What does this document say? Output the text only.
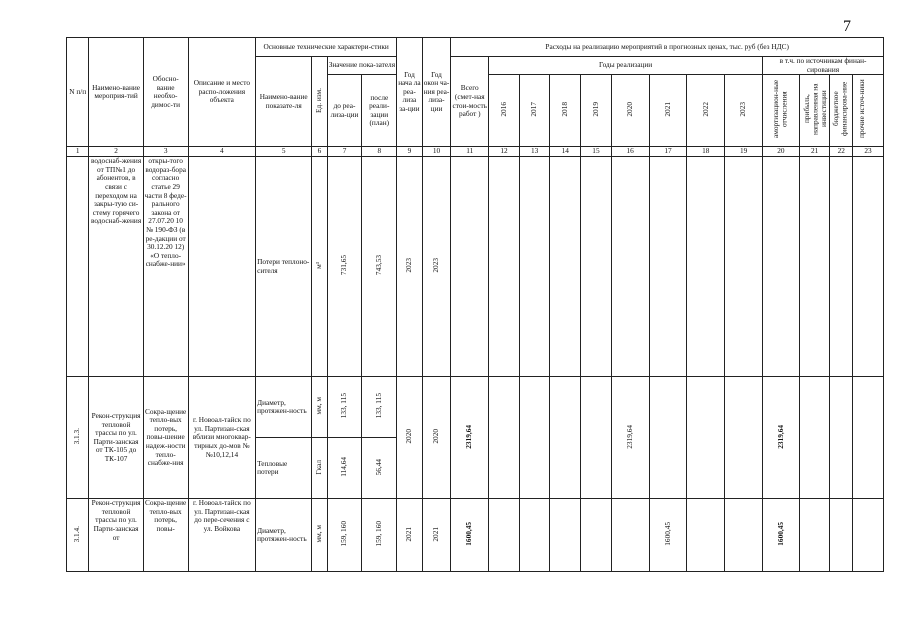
7
N п/п	Наимено-вание мероприя-тий	Обосно-вание необхо-димос-ти	Описание и место распо-ложения объекта	Основные технические характери-стики				Год нача ла реа-лиза за-ции	Год окон ча-ния реа-лиза-ции	Расходы на реализацию мероприятий в прогнозных ценах, тыс. руб (без НДС)												
				Наимено-вание показате-ля	Ед. изм.	Значение пока-зателя				Всего (смет-ная стои-мость работ )	Годы реализации								в т.ч. по источникам финан-сирования			
						до реа-лиза-ции	после реали-зации (план)				2016	2017	2018	2019	2020	2021	2022	2023	амортизацион-ные отчисления	прибыль, направленная на инвестиции	бюджетное финансирова-ние	прочие источ-ники
1	2	3	4	5	6	7	8	9	10	11	12	13	14	15	16	17	18	19	20	21	22	23
	водоснаб-жения от ТП№1 до абонентов, в связи с переходом на закры-тую си-стему горячего водоснаб-жения	откры-того водораз-бора согласно статье 29 части 8 феде-рального закона от 27.07.20 10 № 190-ФЗ (в ре-дакции от 30.12.20 12) «О тепло-снабже-нии»		Потери теплоно-сителя	м³	731,65	743,53	2023	2023													
3.1.3.	Рекон-струкция тепловой трассы по ул. Парти-занская от ТК-105 до ТК-107	Сокра-щение тепло-вых потерь, повы-шение надеж-ности тепло-снабже-ния	г. Новоал-тайск по ул. Партизан-ская вблизи многоквар-тирных до-мов №№10,12,14	Диаметр, протяжен-ность	мм, м	133, 115	133, 115	2020	2020	2319,64					2319,64				2319,64			
				Тепловые потери	Гкал	114,64	56,44															
3.1.4.	Рекон-струкция тепловой трассы по ул. Парти-занская от	Сокра-щение тепло-вых потерь, повы-	г. Новоал-тайск по ул. Партизан-ская до пере-сечения с ул. Войкова	Диаметр, протяжен-ность	мм, м	159, 160	159, 160	2021	2021	1600,45						1600,45			1600,45			
